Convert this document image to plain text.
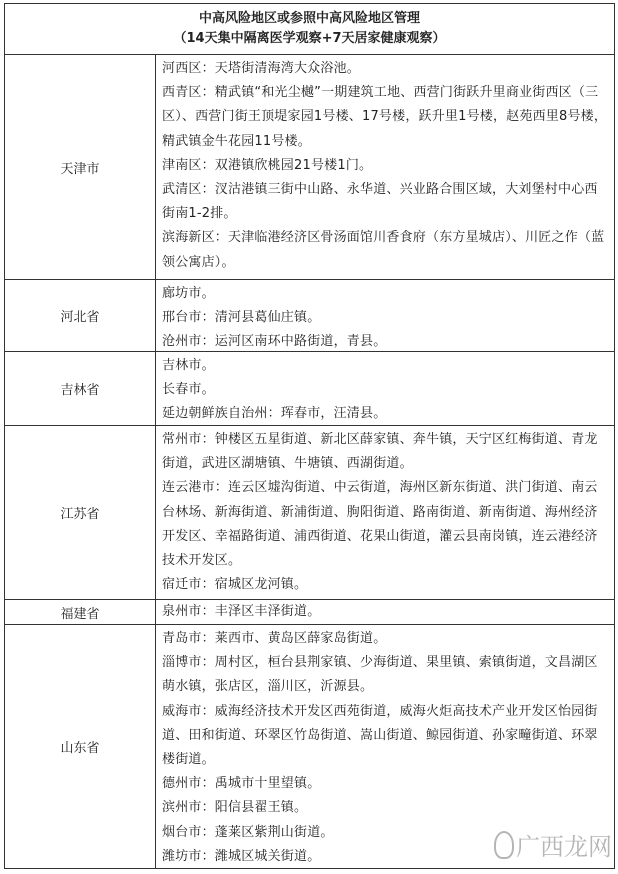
中高风险地区或参照中高风险地区管理
（14天集中隔离医学观察+7天居家健康观察）
天津市
河西区：天塔街清海湾大众浴池。
西青区：精武镇“和光尘樾”一期建筑工地、西营门街跃升里商业街西区（三区）、西营门街王顶堤家园1号楼、17号楼，跃升里1号楼，赵苑西里8号楼，精武镇金牛花园11号楼。
津南区：双港镇欣桃园21号楼1门。
武清区：汊沽港镇三街中山路、永华道、兴业路合围区域，大刘堡村中心西街南1-2排。
滨海新区：天津临港经济区骨汤面馆川香食府（东方星城店）、川匠之作（蓝领公寓店）。
河北省
廊坊市。
邢台市：清河县葛仙庄镇。
沧州市：运河区南环中路街道，青县。
吉林省
吉林市。
长春市。
延边朝鲜族自治州：珲春市，汪清县。
江苏省
常州市：钟楼区五星街道、新北区薛家镇、奔牛镇，天宁区红梅街道、青龙街道，武进区湖塘镇、牛塘镇、西湖街道。
连云港市：连云区墟沟街道、中云街道，海州区新东街道、洪门街道、南云台林场、新海街道、新浦街道、朐阳街道、路南街道、新南街道、海州经济开发区、幸福路街道、浦西街道、花果山街道，灌云县南岗镇，连云港经济技术开发区。
宿迁市：宿城区龙河镇。
福建省	泉州市：丰泽区丰泽街道。
山东省
青岛市：莱西市、黄岛区薛家岛街道。
淄博市：周村区，桓台县荆家镇、少海街道、果里镇、索镇街道，文昌湖区萌水镇，张店区，淄川区，沂源县。
威海市：威海经济技术开发区西苑街道，威海火炬高技术产业开发区怡园街道、田和街道、环翠区竹岛街道、嵩山街道、鲸园街道、孙家疃街道、环翠楼街道。
德州市：禹城市十里望镇。
滨州市：阳信县翟王镇。
烟台市：蓬莱区紫荆山街道。
潍坊市：潍城区城关街道。	广西龙网
